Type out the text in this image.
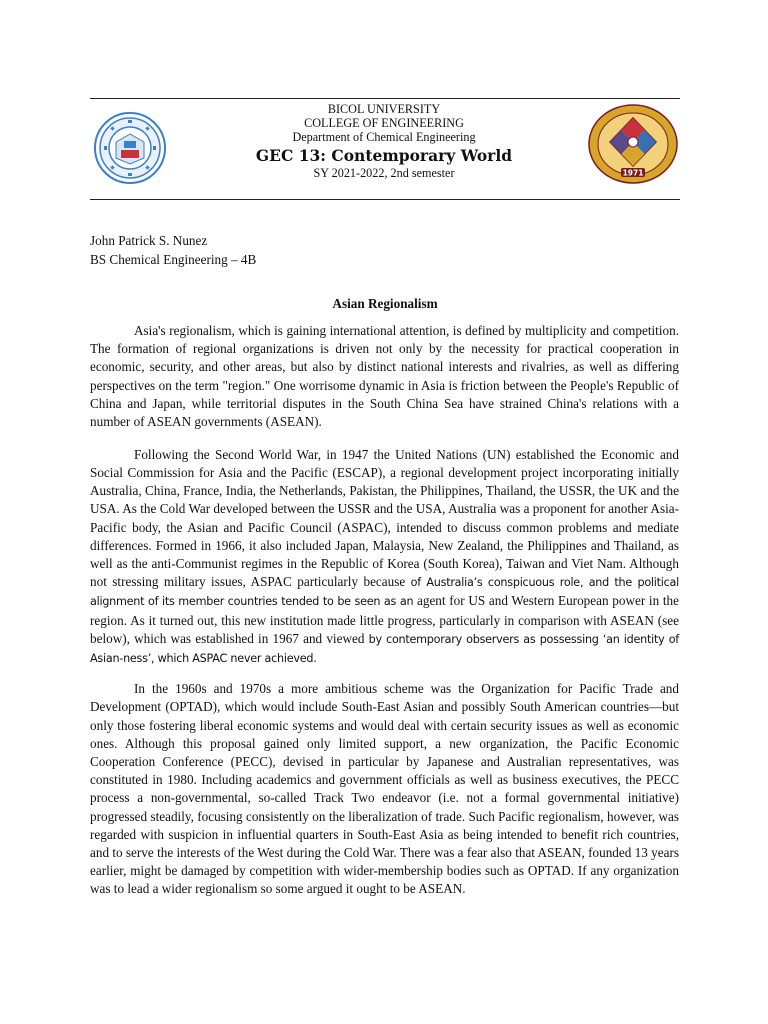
BICOL UNIVERSITY
COLLEGE OF ENGINEERING
Department of Chemical Engineering
GEC 13: Contemporary World
SY 2021-2022, 2nd semester	1971
John Patrick S. Nunez
BS Chemical Engineering – 4B
Asian Regionalism

Asia's regionalism, which is gaining international attention, is defined by multiplicity and competition. The formation of regional organizations is driven not only by the necessity for practical cooperation in economic, security, and other areas, but also by distinct national interests and rivalries, as well as differing perspectives on the term "region." One worrisome dynamic in Asia is friction between the People's Republic of China and Japan, while territorial disputes in the South China Sea have strained China's relations with a number of ASEAN governments (ASEAN).

Following the Second World War, in 1947 the United Nations (UN) established the Economic and Social Commission for Asia and the Pacific (ESCAP), a regional development project incorporating initially Australia, China, France, India, the Netherlands, Pakistan, the Philippines, Thailand, the USSR, the UK and the USA. As the Cold War developed between the USSR and the USA, Australia was a proponent for another Asia-Pacific body, the Asian and Pacific Council (ASPAC), intended to discuss common problems and mediate differences. Formed in 1966, it also included Japan, Malaysia, New Zealand, the Philippines and Thailand, as well as the anti-Communist regimes in the Republic of Korea (South Korea), Taiwan and Viet Nam. Although not stressing military issues, ASPAC particularly because of Australia’s conspicuous role, and the political alignment of its member countries tended to be seen as an agent for US and Western European power in the region. As it turned out, this new institution made little progress, particularly in comparison with ASEAN (see below), which was established in 1967 and viewed by contemporary observers as possessing ‘an identity of Asian-ness’, which ASPAC never achieved.

In the 1960s and 1970s a more ambitious scheme was the Organization for Pacific Trade and Development (OPTAD), which would include South-East Asian and possibly South American countries—but only those fostering liberal economic systems and would deal with certain security issues as well as economic ones. Although this proposal gained only limited support, a new organization, the Pacific Economic Cooperation Conference (PECC), devised in particular by Japanese and Australian representatives, was constituted in 1980. Including academics and government officials as well as business executives, the PECC process a non-governmental, so-called Track Two endeavor (i.e. not a formal governmental initiative) progressed steadily, focusing consistently on the liberalization of trade. Such Pacific regionalism, however, was regarded with suspicion in influential quarters in South-East Asia as being intended to benefit rich countries, and to serve the interests of the West during the Cold War. There was a fear also that ASEAN, founded 13 years earlier, might be damaged by competition with wider-membership bodies such as OPTAD. If any organization was to lead a wider regionalism so some argued it ought to be ASEAN.
